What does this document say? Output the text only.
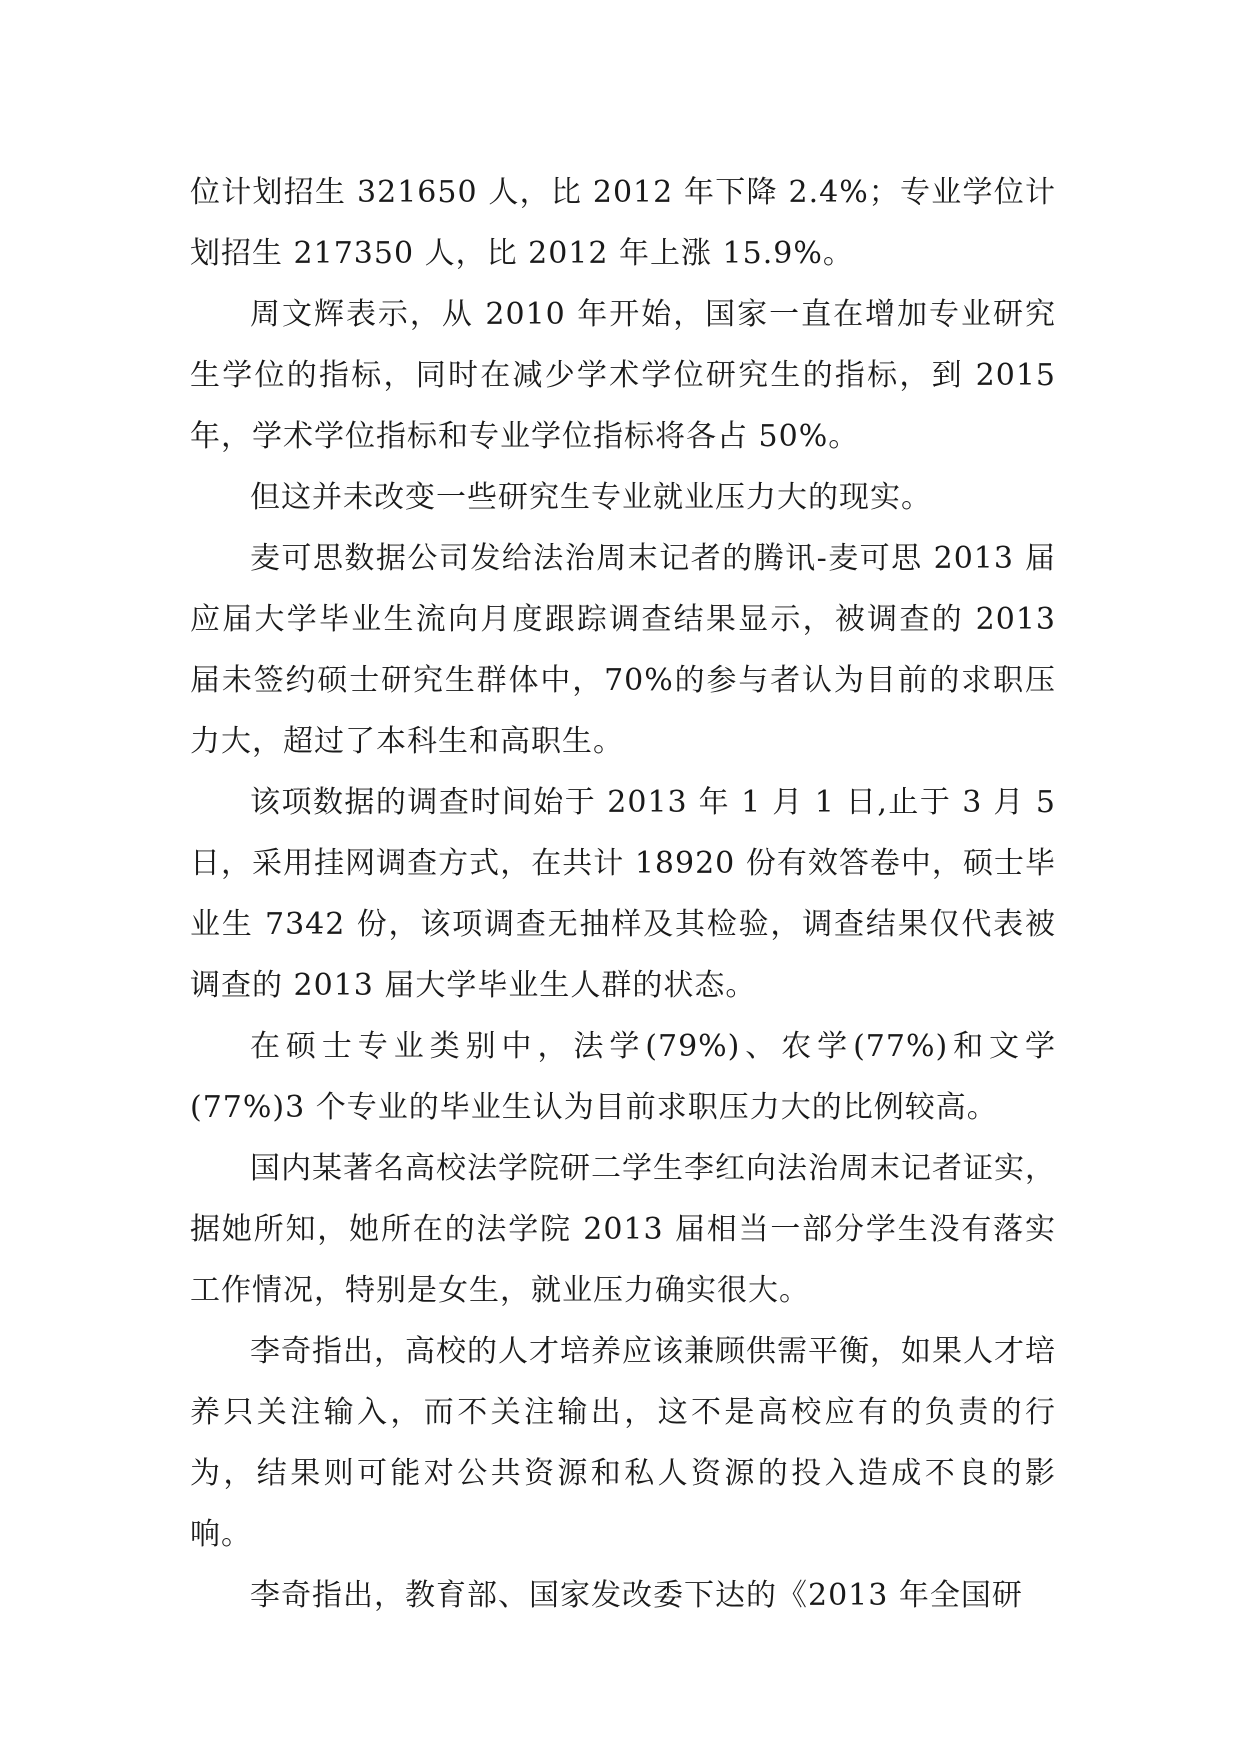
位计划招生 321650 人，比 2012 年下降 2.4%；专业学位计划招生 217350 人，比 2012 年上涨 15.9%。

周文辉表示，从 2010 年开始，国家一直在增加专业研究生学位的指标，同时在减少学术学位研究生的指标，到 2015 年，学术学位指标和专业学位指标将各占 50%。

但这并未改变一些研究生专业就业压力大的现实。

麦可思数据公司发给法治周末记者的腾讯-麦可思 2013 届应届大学毕业生流向月度跟踪调查结果显示，被调查的 2013 届未签约硕士研究生群体中，70%的参与者认为目前的求职压力大，超过了本科生和高职生。

该项数据的调查时间始于 2013 年 1 月 1 日,止于 3 月 5 日，采用挂网调查方式，在共计 18920 份有效答卷中，硕士毕业生 7342 份，该项调查无抽样及其检验，调查结果仅代表被调查的 2013 届大学毕业生人群的状态。

在硕士专业类别中，法学(79%)、农学(77%)和文学(77%)3 个专业的毕业生认为目前求职压力大的比例较高。

国内某著名高校法学院研二学生李红向法治周末记者证实，据她所知，她所在的法学院 2013 届相当一部分学生没有落实工作情况，特别是女生，就业压力确实很大。

李奇指出，高校的人才培养应该兼顾供需平衡，如果人才培养只关注输入，而不关注输出，这不是高校应有的负责的行为，结果则可能对公共资源和私人资源的投入造成不良的影响。

李奇指出，教育部、国家发改委下达的《2013 年全国研
